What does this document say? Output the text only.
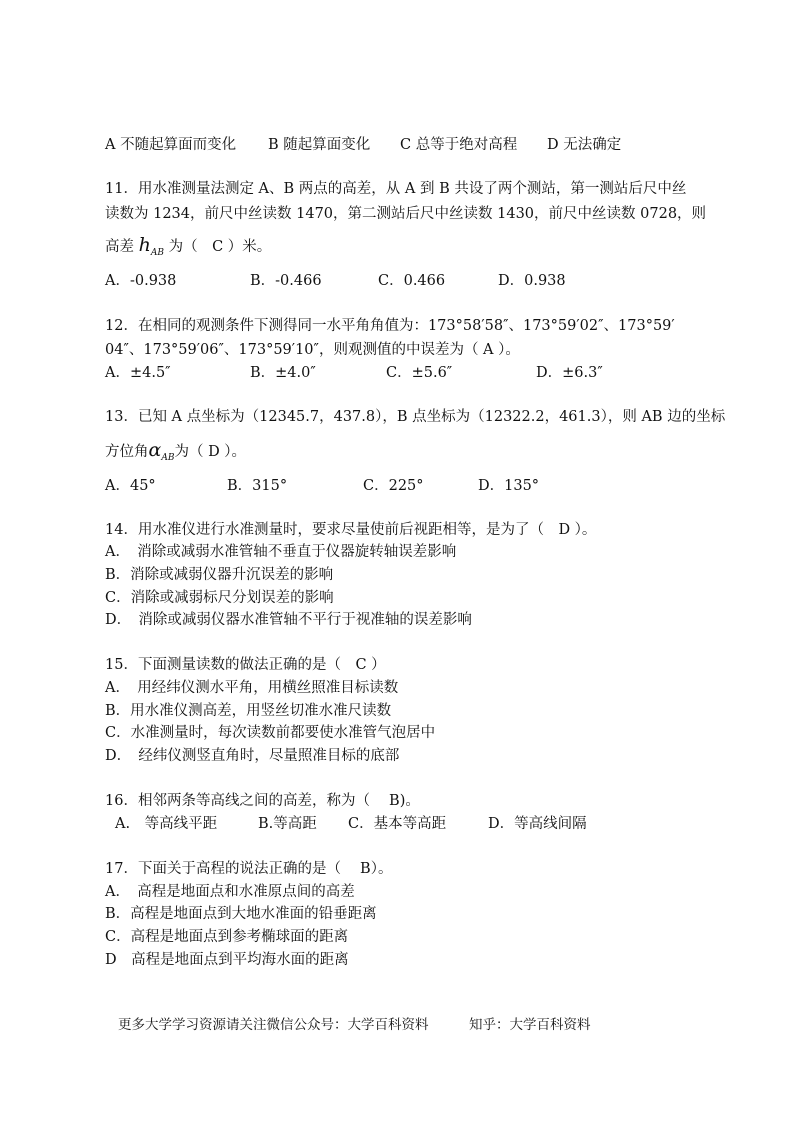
A 不随起算面而变化 B 随起算面变化 C 总等于绝对高程 D 无法确定
11．用水准测量法测定 A、B 两点的高差，从 A 到 B 共设了两个测站，第一测站后尺中丝
读数为 1234，前尺中丝读数 1470，第二测站后尺中丝读数 1430，前尺中丝读数 0728，则
高差 $h_{AB}$ 为（　C ）米。
A．-0.938	B．-0.466	C．0.466	D．0.938
12．在相同的观测条件下测得同一水平角角值为：173°58′58″、173°59′02″、173°59′
04″、173°59′06″、173°59′10″，则观测值的中误差为（ A ）。
A．±4.5″	B．±4.0″	C．±5.6″	D．±6.3″
13．已知 A 点坐标为（12345.7，437.8），B 点坐标为（12322.2，461.3），则 AB 边的坐标
方位角$\alpha_{AB}$为（ D ）。
A．45°	B．315°	C．225°	D．135°
14．用水准仪进行水准测量时，要求尽量使前后视距相等，是为了（　D ）。
A．　消除或减弱水准管轴不垂直于仪器旋转轴误差影响
B．消除或减弱仪器升沉误差的影响
C．消除或减弱标尺分划误差的影响
D．　消除或减弱仪器水准管轴不平行于视准轴的误差影响
15．下面测量读数的做法正确的是（　C ）
A．　用经纬仪测水平角，用横丝照准目标读数
B．用水准仪测高差，用竖丝切准水准尺读数
C．水准测量时，每次读数前都要使水准管气泡居中
D．　经纬仪测竖直角时，尽量照准目标的底部
16．相邻两条等高线之间的高差，称为（　 B)。
A.　等高线平距	B.等高距 C．基本等高距	D．等高线间隔
17．下面关于高程的说法正确的是（　 B）。
A．　高程是地面点和水准原点间的高差
B．高程是地面点到大地水准面的铅垂距离
C．高程是地面点到参考椭球面的距离
D　高程是地面点到平均海水面的距离
更多大学学习资源请关注微信公众号：大学百科资料　　　知乎：大学百科资料
